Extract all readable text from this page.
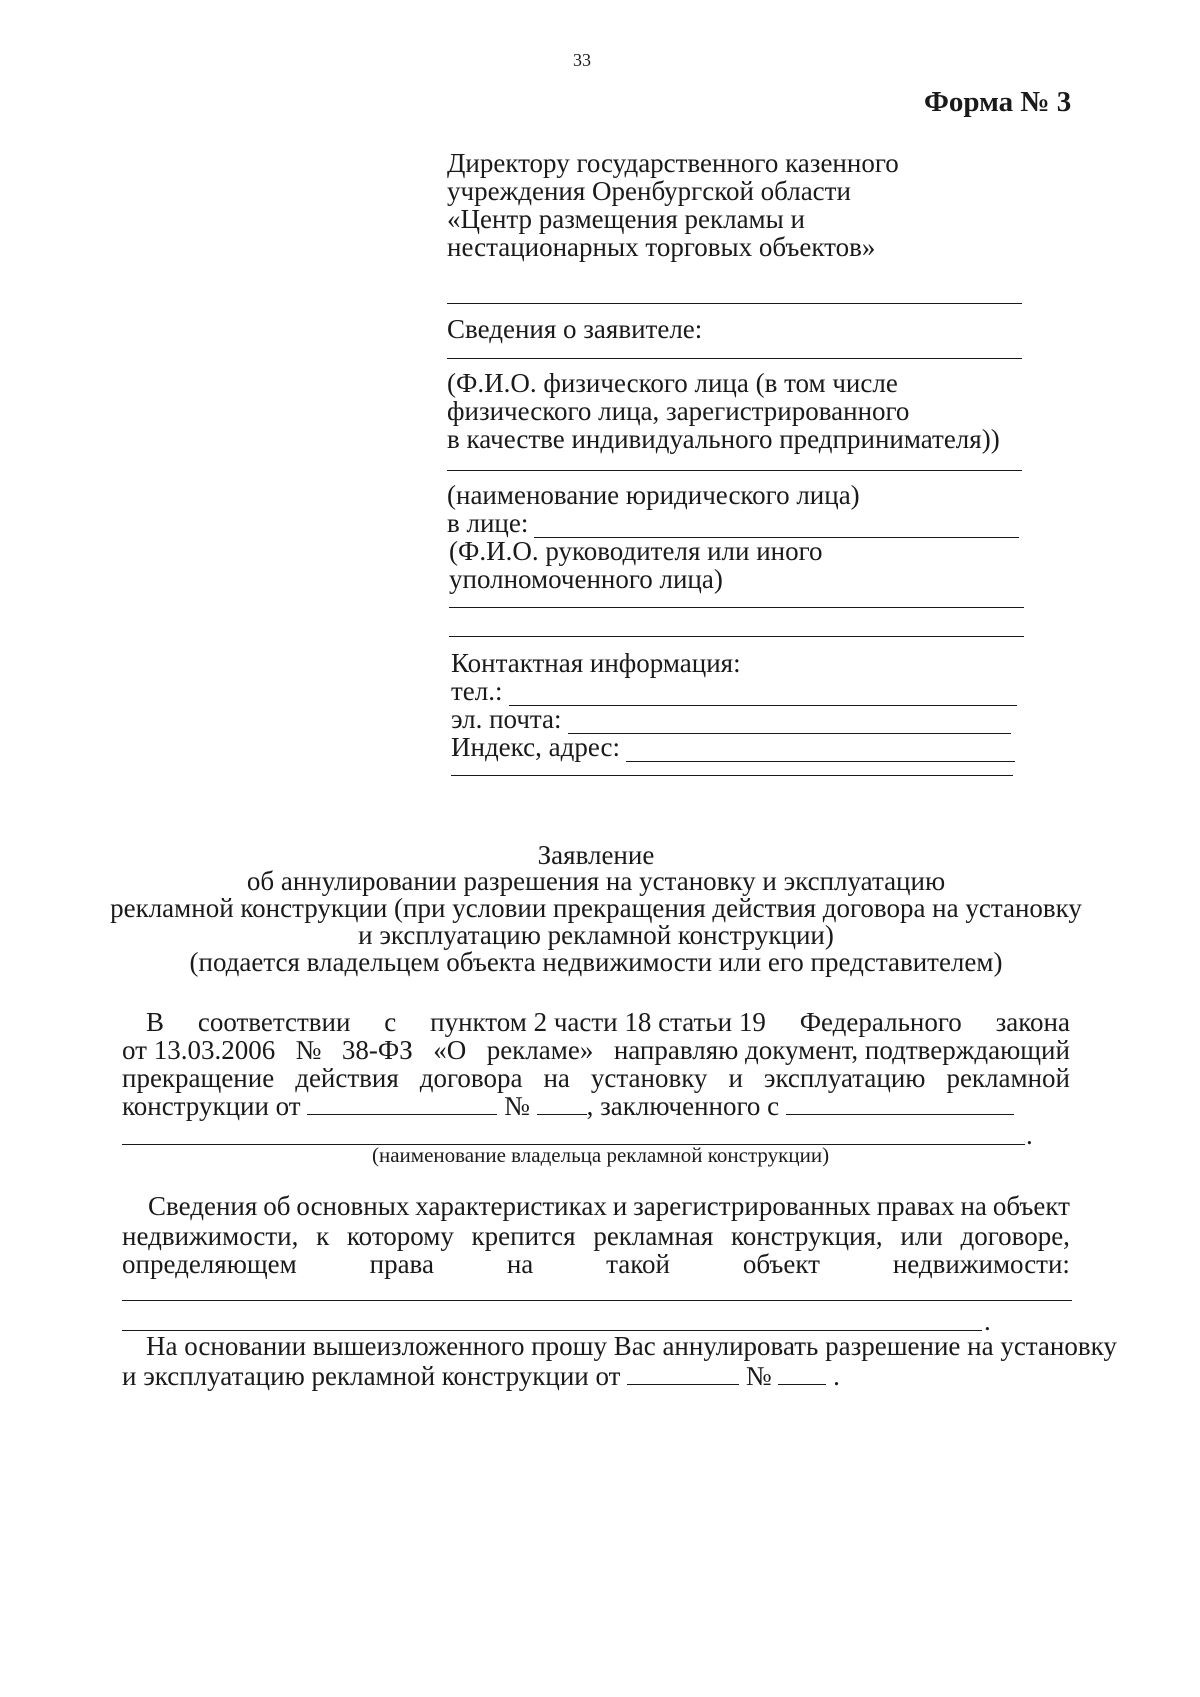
33
Форма № 3
Директору государственного казенного
учреждения Оренбургской области
«Центр размещения рекламы и
нестационарных торговых объектов»
Сведения о заявителе:
(Ф.И.О. физического лица (в том числе
физического лица, зарегистрированного
в качестве индивидуального предпринимателя))
(наименование юридического лица)
в лице:
(Ф.И.О. руководителя или иного
уполномоченного лица)
Контактная информация:
тел.:
эл. почта:
Индекс, адрес:
Заявление
об аннулировании разрешения на установку и эксплуатацию
рекламной конструкции (при условии прекращения действия договора на установку
и эксплуатацию рекламной конструкции)
(подается владельцем объекта недвижимости или его представителем)
В соответствии с пунктом 2 части 18 статьи 19 Федерального закона
от 13.03.2006 № 38-ФЗ «О рекламе» направляю документ, подтверждающий
прекращение действия договора на установку и эксплуатацию рекламной
конструкции от	№ , заключенного с
.
(наименование владельца рекламной конструкции)
Сведения об основных характеристиках и зарегистрированных правах на объект
недвижимости, к которому крепится рекламная конструкция, или договоре,
определяющем	права	на	такой	объект	недвижимости:
.
На основании вышеизложенного прошу Вас аннулировать разрешение на установку
и эксплуатацию рекламной конструкции от	№ .
